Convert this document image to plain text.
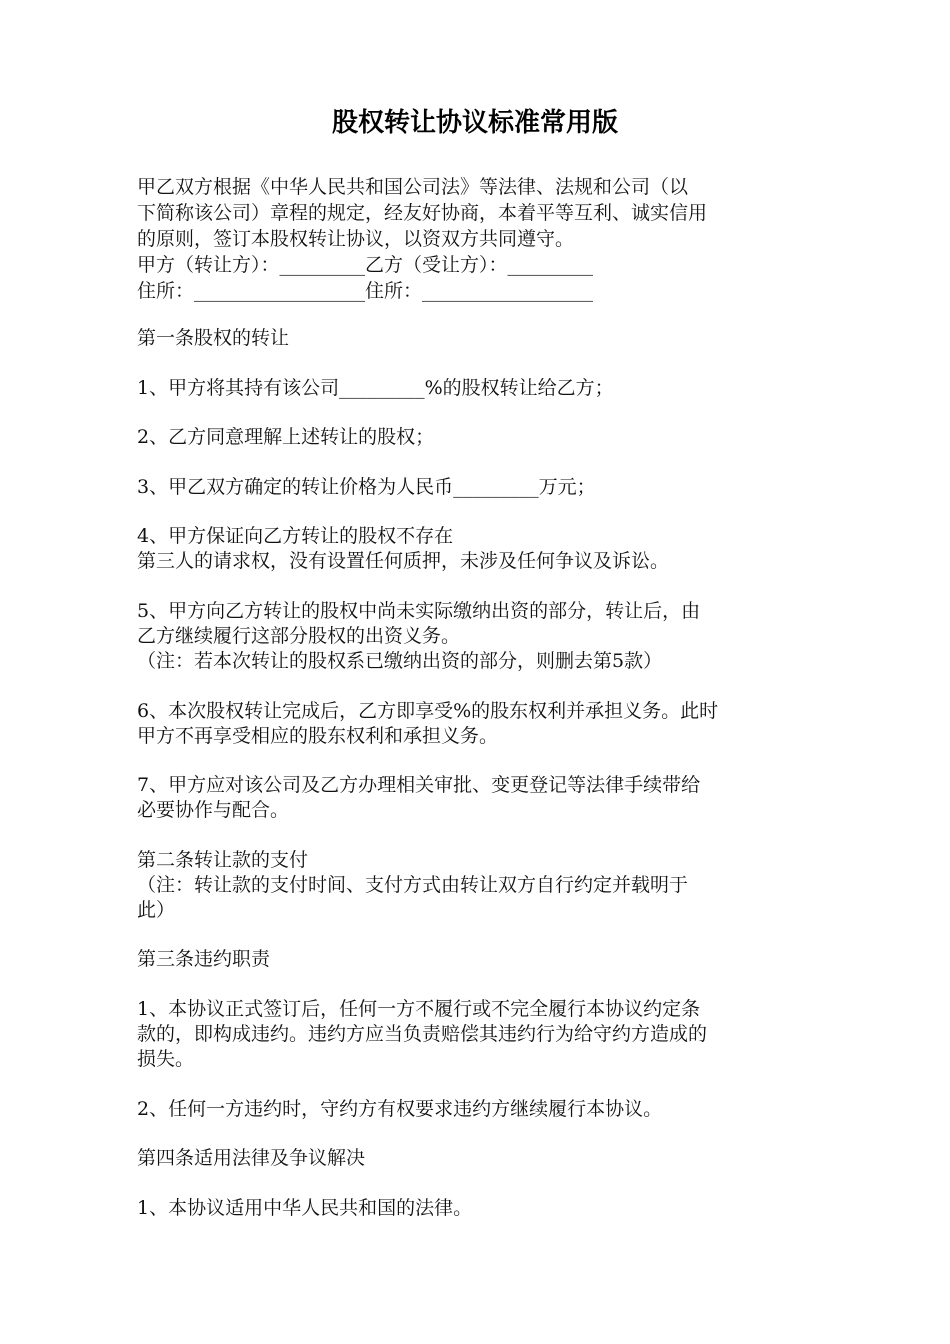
股权转让协议标准常用版
甲乙双方根据《中华人民共和国公司法》等法律、法规和公司（以
下简称该公司）章程的规定，经友好协商，本着平等互利、诚实信用
的原则，签订本股权转让协议，以资双方共同遵守。
甲方（转让方）：_________乙方（受让方）：_________
住所：__________________住所：__________________
第一条股权的转让
1、甲方将其持有该公司_________%的股权转让给乙方；
2、乙方同意理解上述转让的股权；
3、甲乙双方确定的转让价格为人民币_________万元；
4、甲方保证向乙方转让的股权不存在
第三人的请求权，没有设置任何质押，未涉及任何争议及诉讼。
5、甲方向乙方转让的股权中尚未实际缴纳出资的部分，转让后，由
乙方继续履行这部分股权的出资义务。
（注：若本次转让的股权系已缴纳出资的部分，则删去第5款）
6、本次股权转让完成后，乙方即享受%的股东权利并承担义务。此时
甲方不再享受相应的股东权利和承担义务。
7、甲方应对该公司及乙方办理相关审批、变更登记等法律手续带给
必要协作与配合。
第二条转让款的支付
（注：转让款的支付时间、支付方式由转让双方自行约定并载明于
此）
第三条违约职责
1、本协议正式签订后，任何一方不履行或不完全履行本协议约定条
款的，即构成违约。违约方应当负责赔偿其违约行为给守约方造成的
损失。
2、任何一方违约时，守约方有权要求违约方继续履行本协议。
第四条适用法律及争议解决
1、本协议适用中华人民共和国的法律。
